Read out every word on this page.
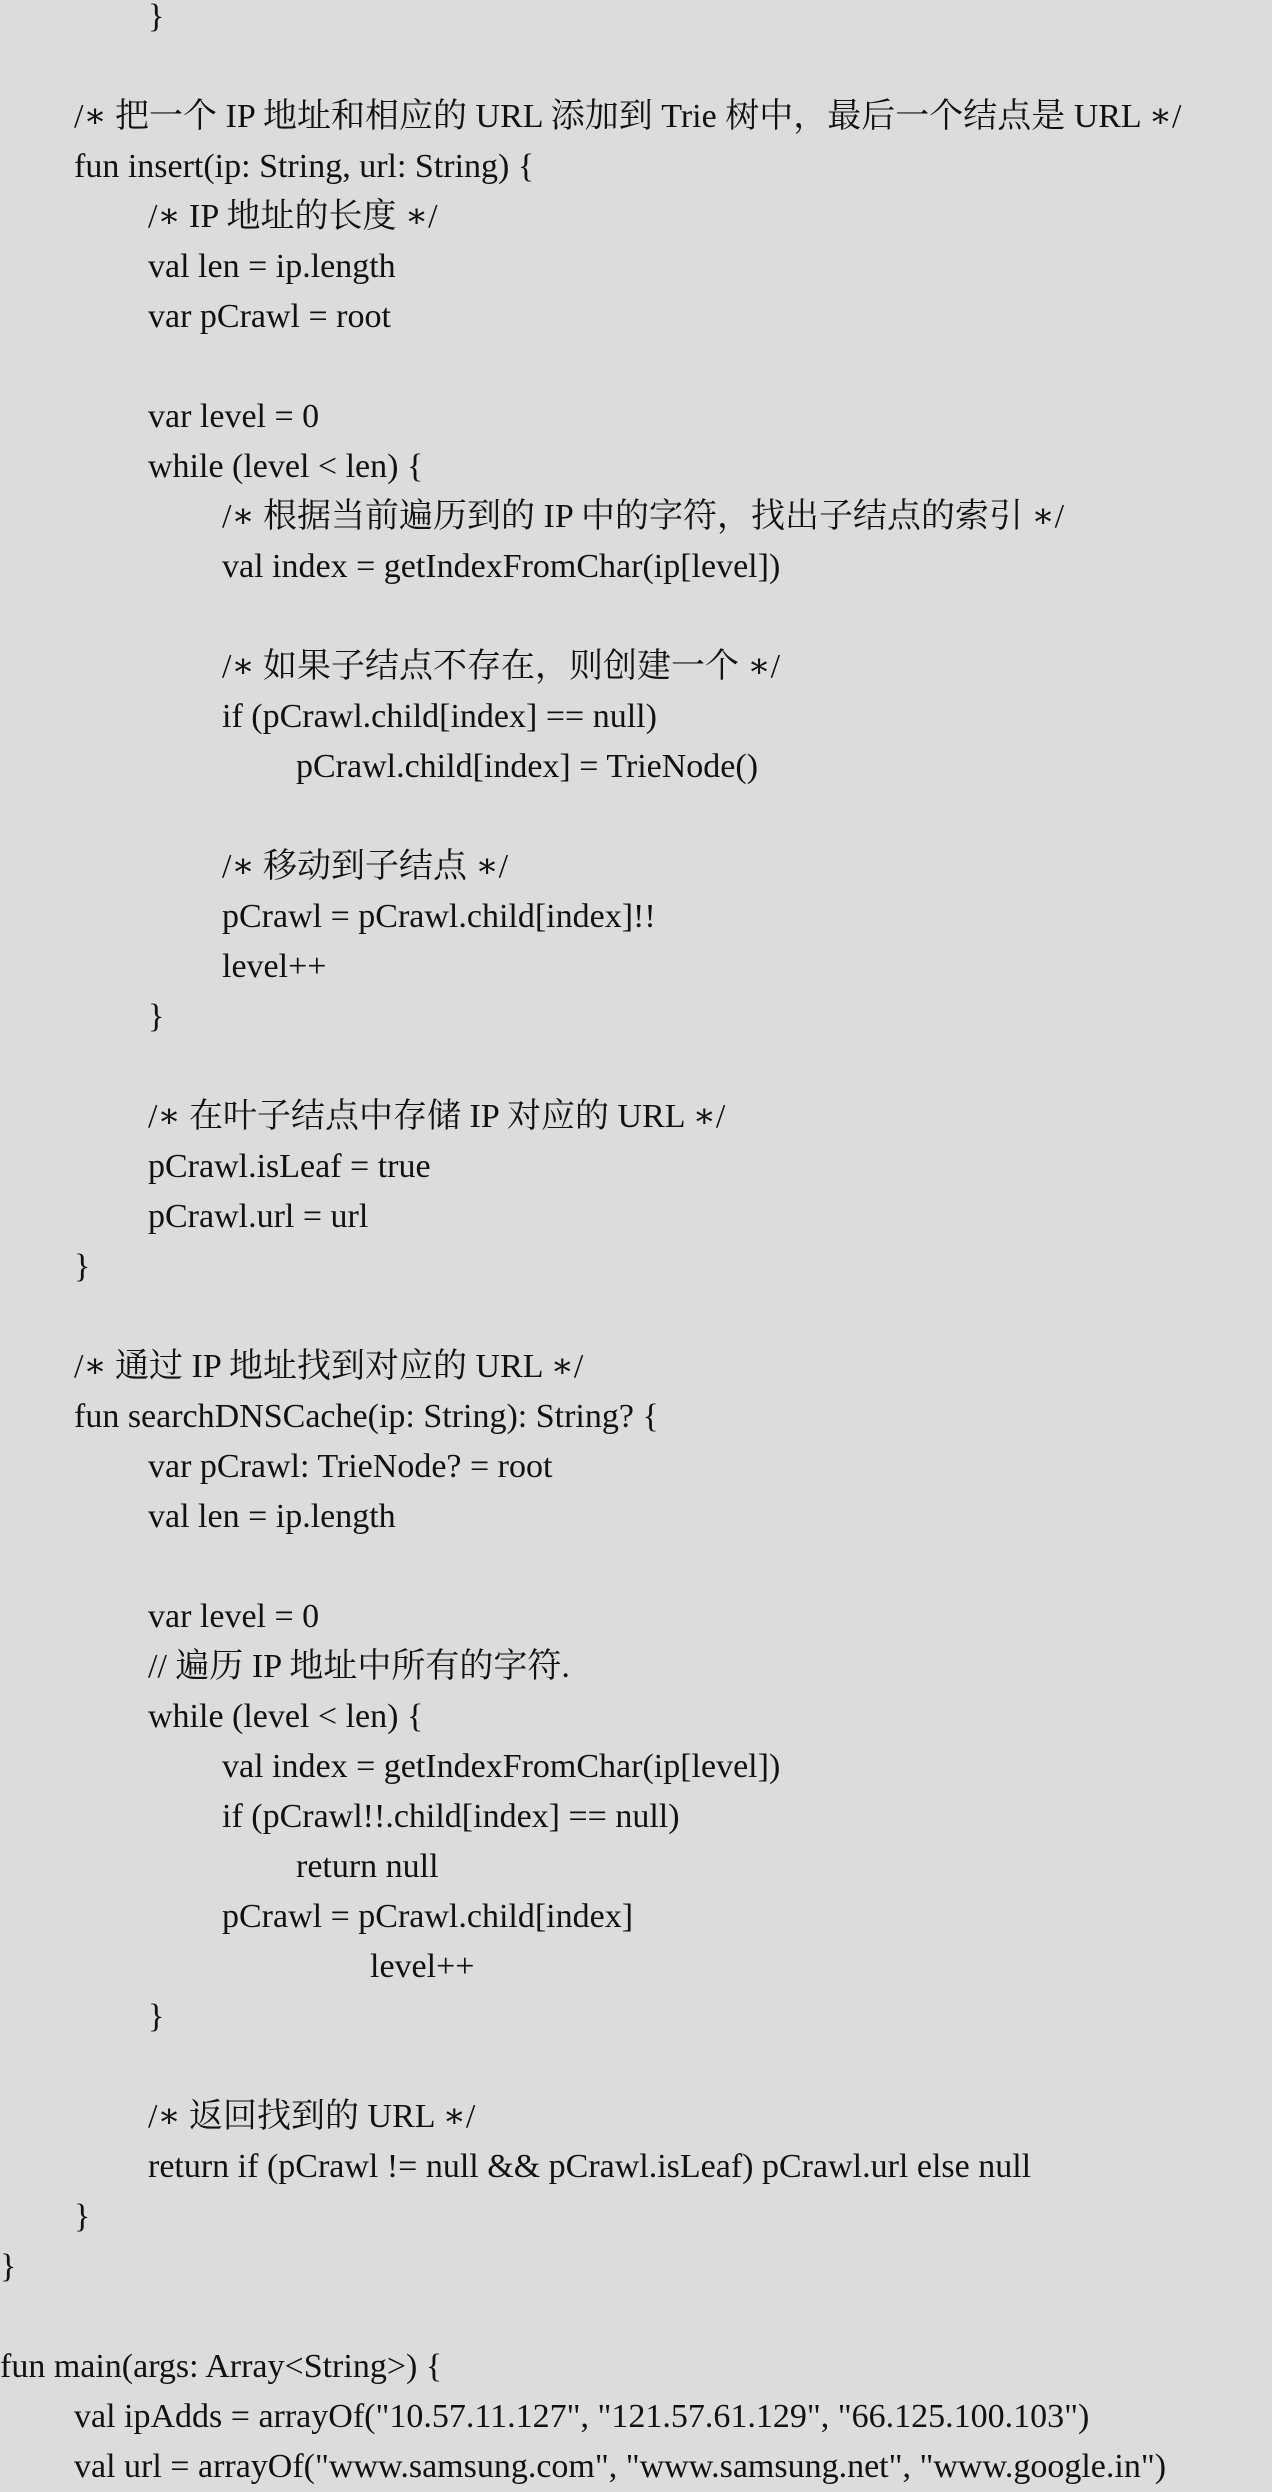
}
/∗ 把一个 IP 地址和相应的 URL 添加到 Trie 树中，最后一个结点是 URL ∗/
fun insert(ip: String, url: String) {
/∗ IP 地址的长度 ∗/
val len = ip.length
var pCrawl = root
var level = 0
while (level < len) {
/∗ 根据当前遍历到的 IP 中的字符，找出子结点的索引 ∗/
val index = getIndexFromChar(ip[level])
/∗ 如果子结点不存在，则创建一个 ∗/
if (pCrawl.child[index] == null)
pCrawl.child[index] = TrieNode()
/∗ 移动到子结点 ∗/
pCrawl = pCrawl.child[index]!!
level++
}
/∗ 在叶子结点中存储 IP 对应的 URL ∗/
pCrawl.isLeaf = true
pCrawl.url = url
}
/∗ 通过 IP 地址找到对应的 URL ∗/
fun searchDNSCache(ip: String): String? {
var pCrawl: TrieNode? = root
val len = ip.length
var level = 0
// 遍历 IP 地址中所有的字符.
while (level < len) {
val index = getIndexFromChar(ip[level])
if (pCrawl!!.child[index] == null)
return null
pCrawl = pCrawl.child[index]
level++
}
/∗ 返回找到的 URL ∗/
return if (pCrawl != null && pCrawl.isLeaf) pCrawl.url else null
}
}
fun main(args: Array<String>) {
val ipAdds = arrayOf("10.57.11.127", "121.57.61.129", "66.125.100.103")
val url = arrayOf("www.samsung.com", "www.samsung.net", "www.google.in")
